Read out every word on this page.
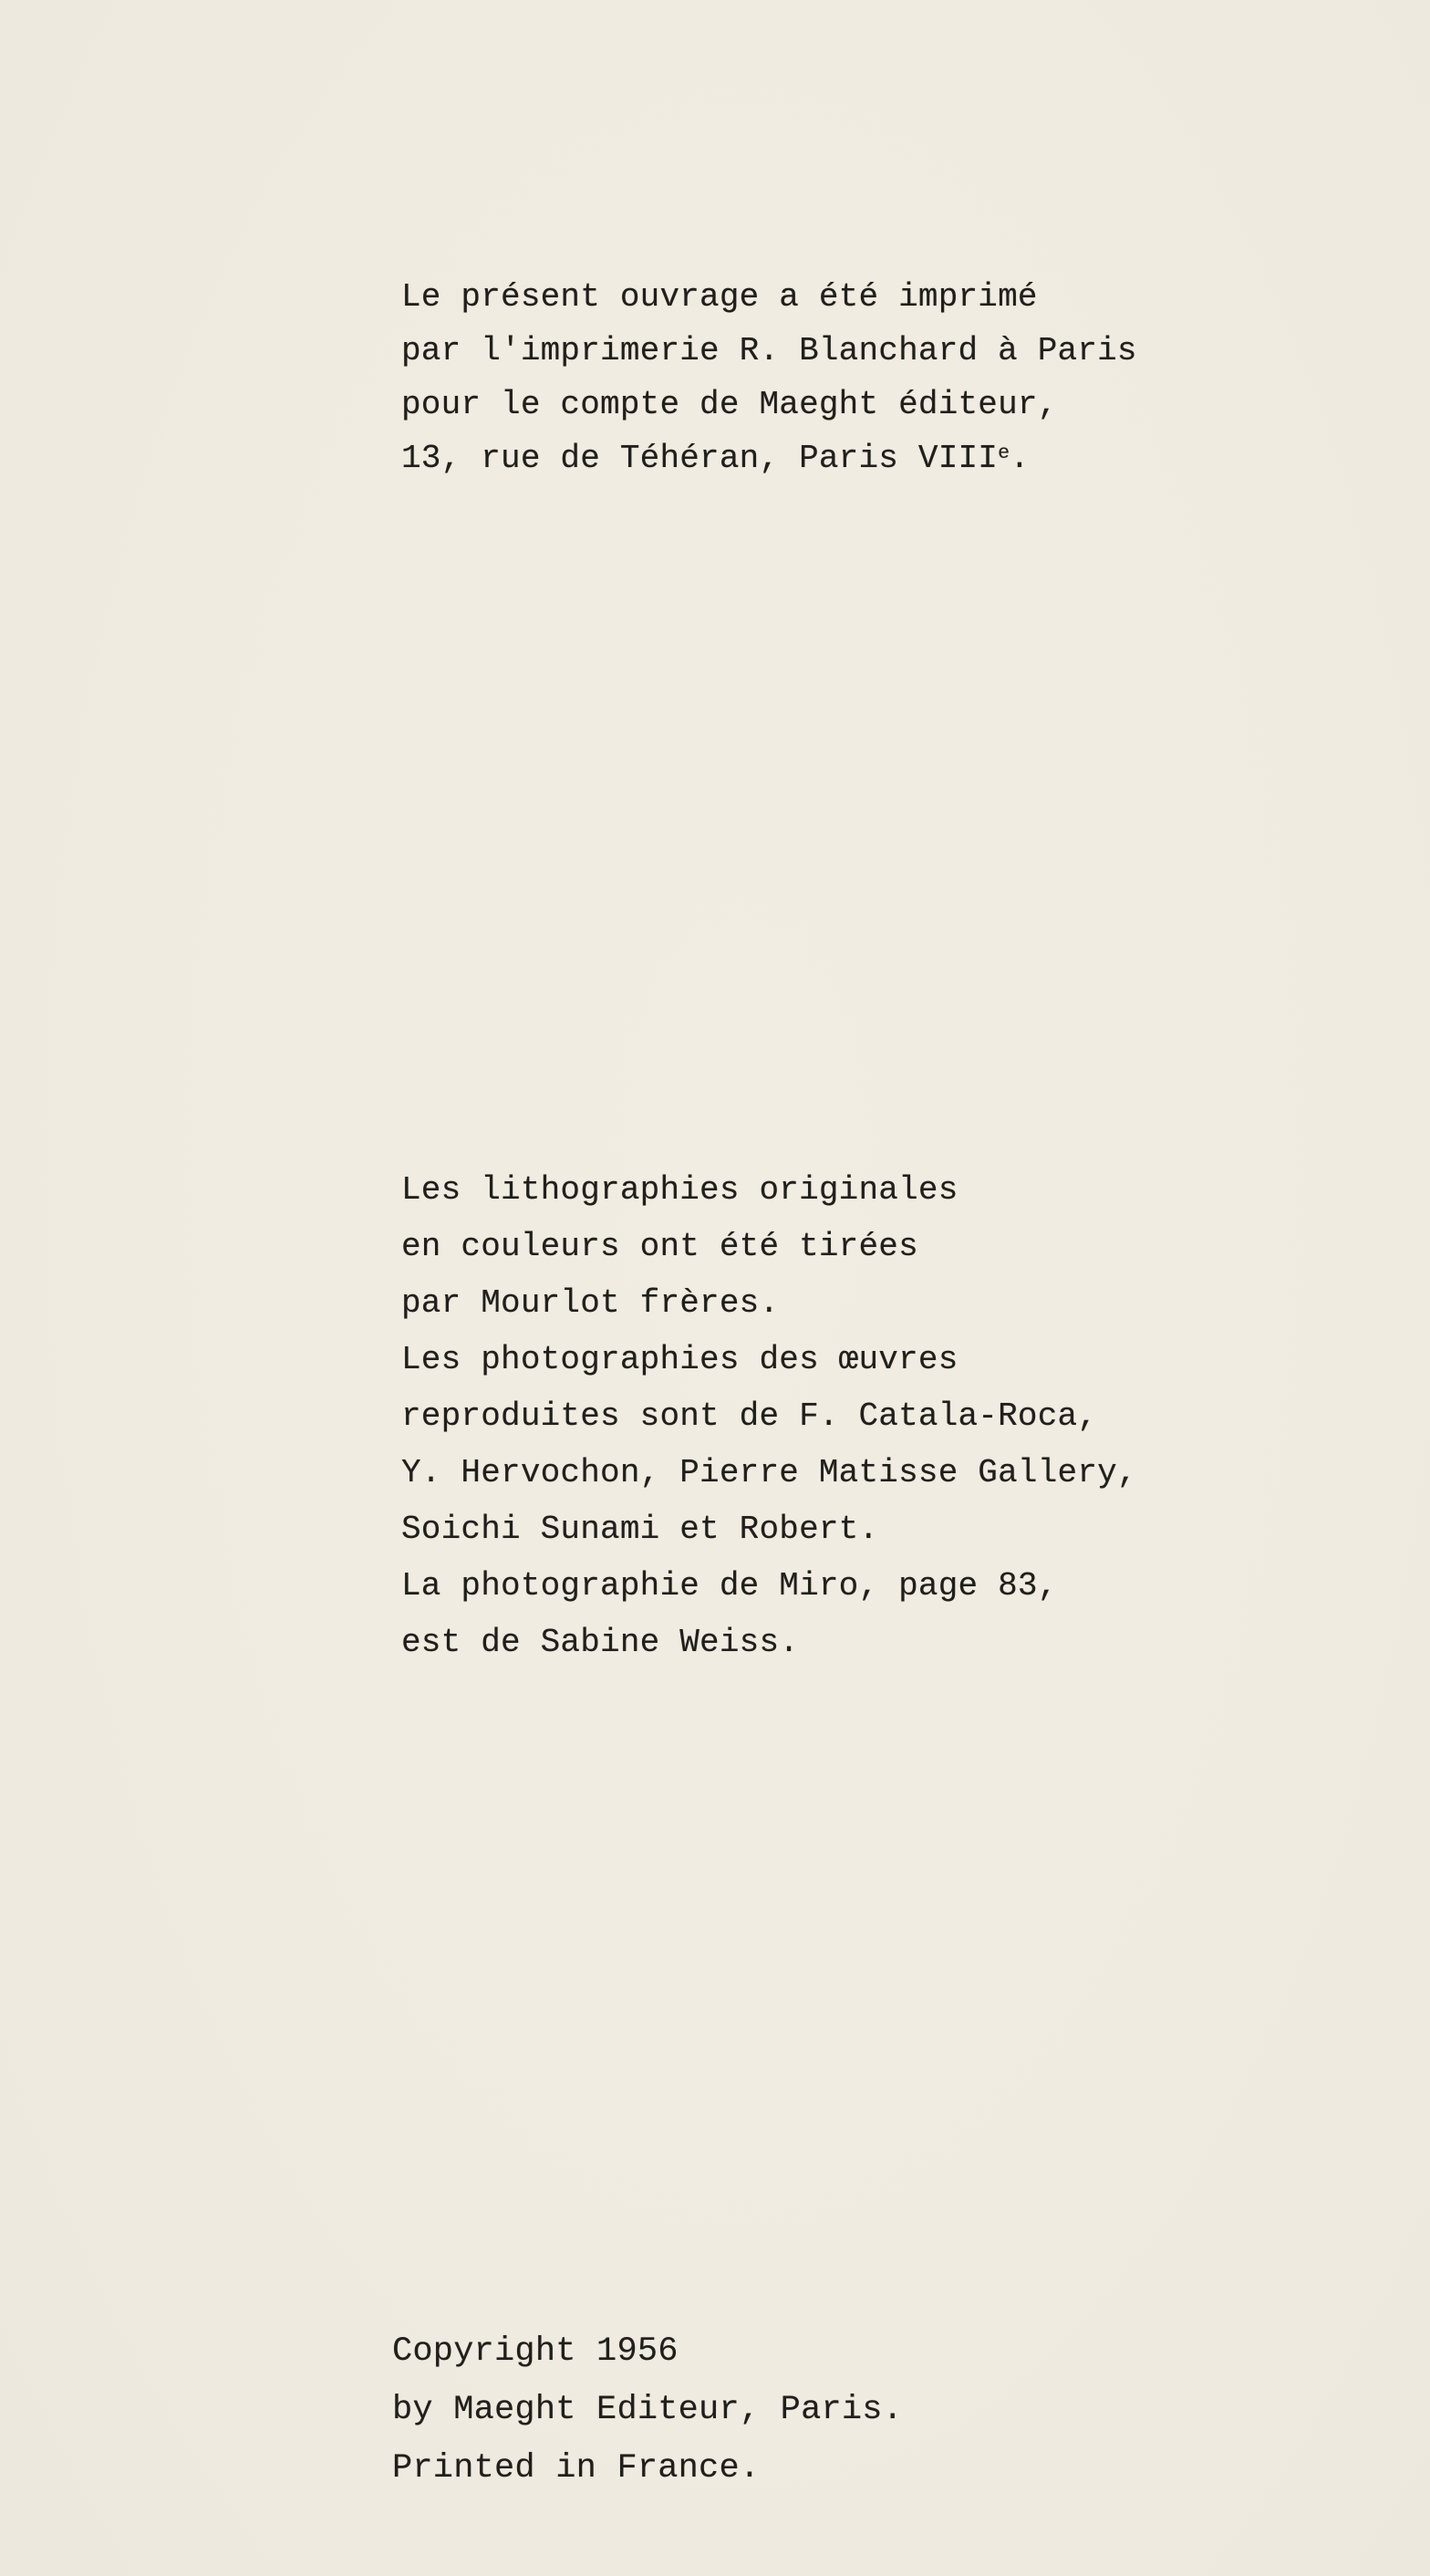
Le présent ouvrage a été imprimé
par l'imprimerie R. Blanchard à Paris
pour le compte de Maeght éditeur,
13, rue de Téhéran, Paris VIIIe.
Les lithographies originales
en couleurs ont été tirées
par Mourlot frères.
Les photographies des œuvres
reproduites sont de F. Catala-Roca,
Y. Hervochon, Pierre Matisse Gallery,
Soichi Sunami et Robert.
La photographie de Miro, page 83,
est de Sabine Weiss.
Copyright 1956
by Maeght Editeur, Paris.
Printed in France.
